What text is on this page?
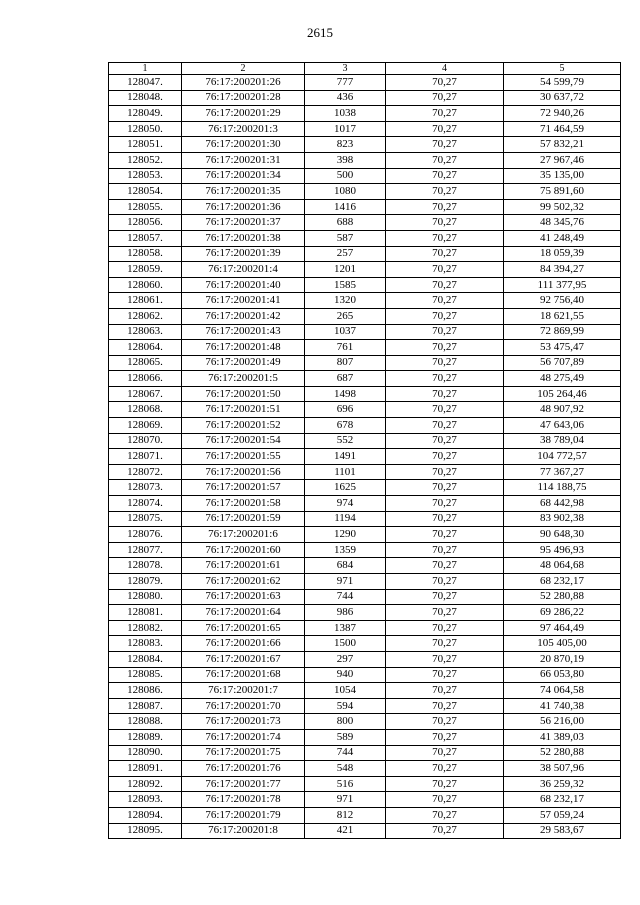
2615
1	2	3	4	5
128047.	76:17:200201:26	777	70,27	54 599,79
128048.	76:17:200201:28	436	70,27	30 637,72
128049.	76:17:200201:29	1038	70,27	72 940,26
128050.	76:17:200201:3	1017	70,27	71 464,59
128051.	76:17:200201:30	823	70,27	57 832,21
128052.	76:17:200201:31	398	70,27	27 967,46
128053.	76:17:200201:34	500	70,27	35 135,00
128054.	76:17:200201:35	1080	70,27	75 891,60
128055.	76:17:200201:36	1416	70,27	99 502,32
128056.	76:17:200201:37	688	70,27	48 345,76
128057.	76:17:200201:38	587	70,27	41 248,49
128058.	76:17:200201:39	257	70,27	18 059,39
128059.	76:17:200201:4	1201	70,27	84 394,27
128060.	76:17:200201:40	1585	70,27	111 377,95
128061.	76:17:200201:41	1320	70,27	92 756,40
128062.	76:17:200201:42	265	70,27	18 621,55
128063.	76:17:200201:43	1037	70,27	72 869,99
128064.	76:17:200201:48	761	70,27	53 475,47
128065.	76:17:200201:49	807	70,27	56 707,89
128066.	76:17:200201:5	687	70,27	48 275,49
128067.	76:17:200201:50	1498	70,27	105 264,46
128068.	76:17:200201:51	696	70,27	48 907,92
128069.	76:17:200201:52	678	70,27	47 643,06
128070.	76:17:200201:54	552	70,27	38 789,04
128071.	76:17:200201:55	1491	70,27	104 772,57
128072.	76:17:200201:56	1101	70,27	77 367,27
128073.	76:17:200201:57	1625	70,27	114 188,75
128074.	76:17:200201:58	974	70,27	68 442,98
128075.	76:17:200201:59	1194	70,27	83 902,38
128076.	76:17:200201:6	1290	70,27	90 648,30
128077.	76:17:200201:60	1359	70,27	95 496,93
128078.	76:17:200201:61	684	70,27	48 064,68
128079.	76:17:200201:62	971	70,27	68 232,17
128080.	76:17:200201:63	744	70,27	52 280,88
128081.	76:17:200201:64	986	70,27	69 286,22
128082.	76:17:200201:65	1387	70,27	97 464,49
128083.	76:17:200201:66	1500	70,27	105 405,00
128084.	76:17:200201:67	297	70,27	20 870,19
128085.	76:17:200201:68	940	70,27	66 053,80
128086.	76:17:200201:7	1054	70,27	74 064,58
128087.	76:17:200201:70	594	70,27	41 740,38
128088.	76:17:200201:73	800	70,27	56 216,00
128089.	76:17:200201:74	589	70,27	41 389,03
128090.	76:17:200201:75	744	70,27	52 280,88
128091.	76:17:200201:76	548	70,27	38 507,96
128092.	76:17:200201:77	516	70,27	36 259,32
128093.	76:17:200201:78	971	70,27	68 232,17
128094.	76:17:200201:79	812	70,27	57 059,24
128095.	76:17:200201:8	421	70,27	29 583,67
